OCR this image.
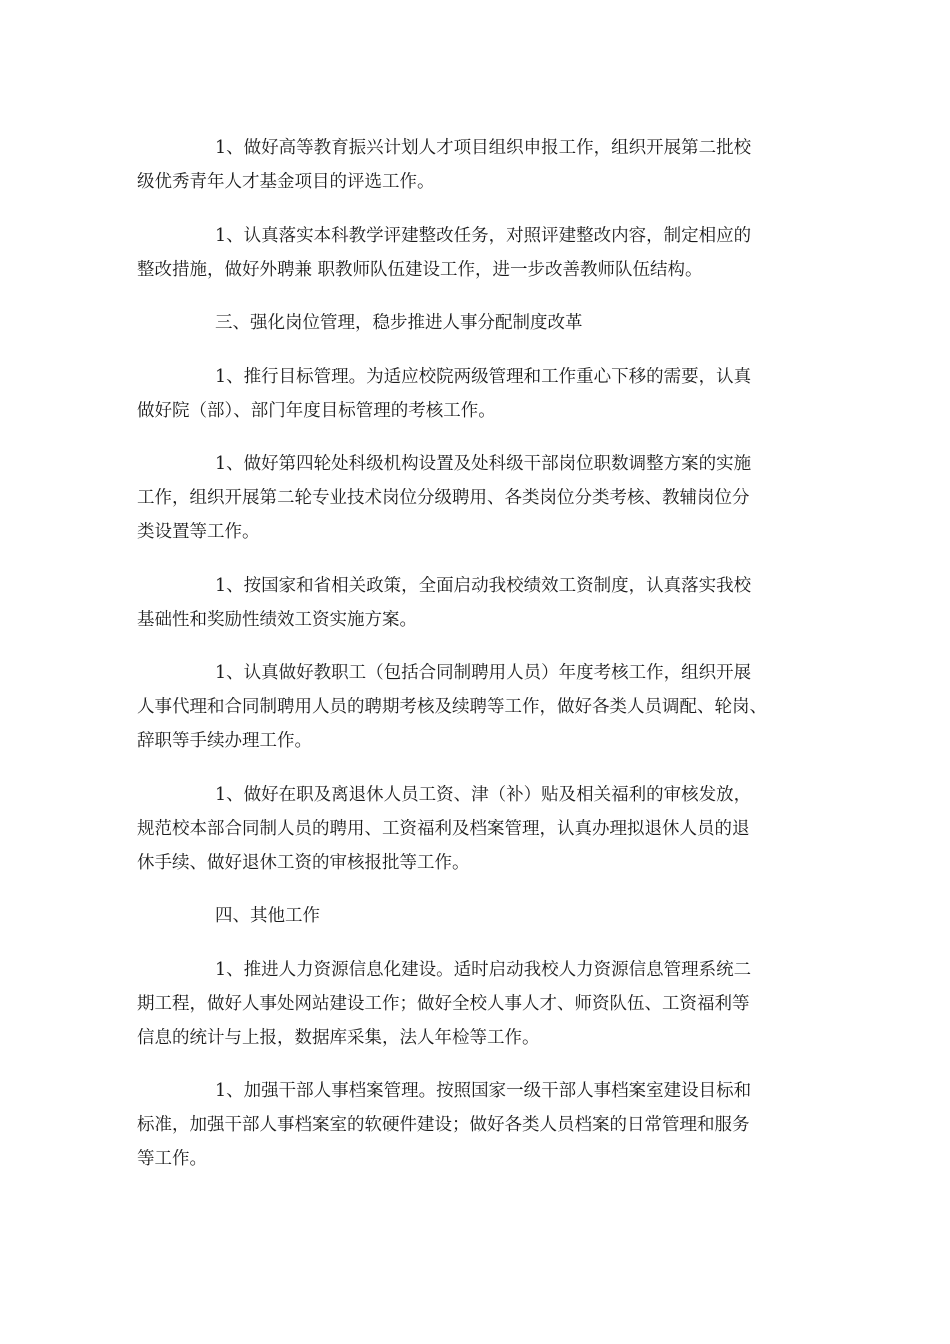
1、做好高等教育振兴计划人才项目组织申报工作，组织开展第二批校
级优秀青年人才基金项目的评选工作。

1、认真落实本科教学评建整改任务，对照评建整改内容，制定相应的
整改措施，做好外聘兼 职教师队伍建设工作，进一步改善教师队伍结构。

三、强化岗位管理，稳步推进人事分配制度改革

1、推行目标管理。为适应校院两级管理和工作重心下移的需要，认真
做好院（部）、部门年度目标管理的考核工作。

1、做好第四轮处科级机构设置及处科级干部岗位职数调整方案的实施
工作，组织开展第二轮专业技术岗位分级聘用、各类岗位分类考核、教辅岗位分
类设置等工作。

1、按国家和省相关政策，全面启动我校绩效工资制度，认真落实我校
基础性和奖励性绩效工资实施方案。

1、认真做好教职工（包括合同制聘用人员）年度考核工作，组织开展
人事代理和合同制聘用人员的聘期考核及续聘等工作，做好各类人员调配、轮岗、
辞职等手续办理工作。

1、做好在职及离退休人员工资、津（补）贴及相关福利的审核发放，
规范校本部合同制人员的聘用、工资福利及档案管理，认真办理拟退休人员的退
休手续、做好退休工资的审核报批等工作。

四、其他工作

1、推进人力资源信息化建设。适时启动我校人力资源信息管理系统二
期工程，做好人事处网站建设工作；做好全校人事人才、师资队伍、工资福利等
信息的统计与上报，数据库采集，法人年检等工作。

1、加强干部人事档案管理。按照国家一级干部人事档案室建设目标和
标准，加强干部人事档案室的软硬件建设；做好各类人员档案的日常管理和服务
等工作。
